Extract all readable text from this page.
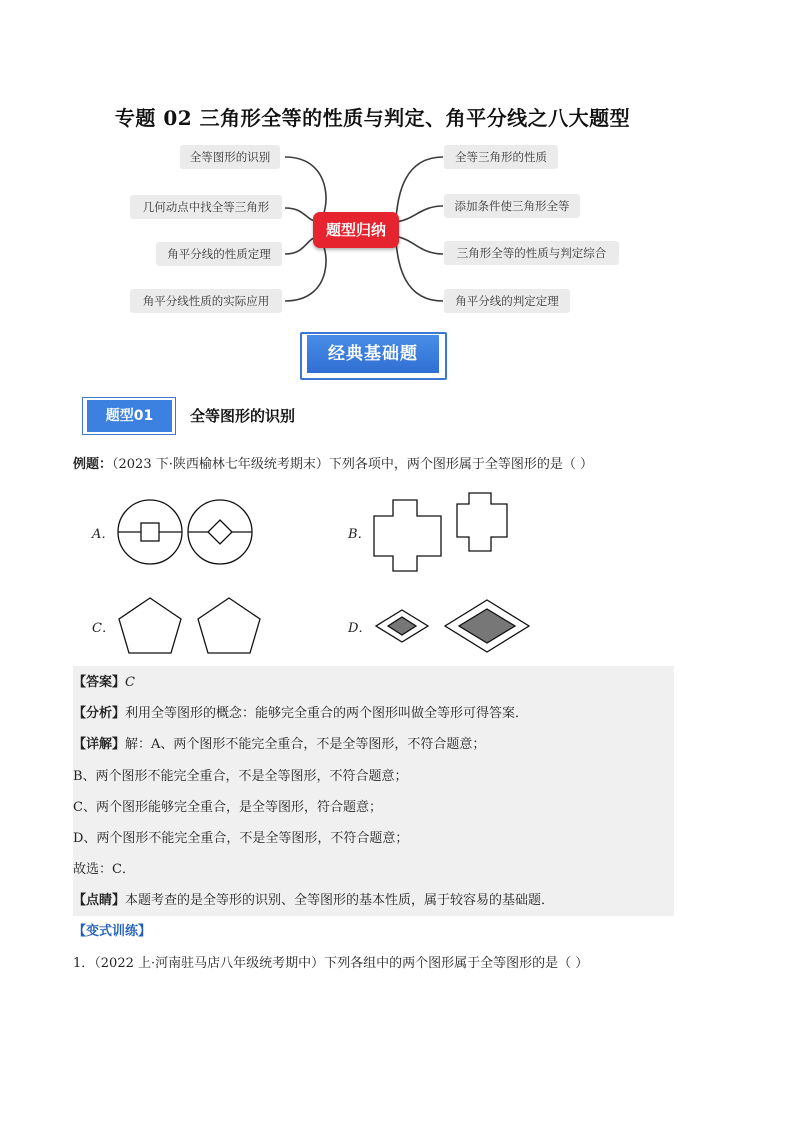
专题 02 三角形全等的性质与判定、角平分线之八大题型
全等图形的识别
几何动点中找全等三角形
角平分线的性质定理
角平分线性质的实际应用
题型归纳
全等三角形的性质
添加条件使三角形全等
三角形全等的性质与判定综合
角平分线的判定定理
经典基础题
题型01	全等图形的识别
例题：（2023 下·陕西榆林七年级统考期末）下列各项中，两个图形属于全等图形的是（ ）
A．	B．
C．	D．
【答案】C
【分析】利用全等图形的概念：能够完全重合的两个图形叫做全等形可得答案．
【详解】解：A、两个图形不能完全重合，不是全等图形，不符合题意；
B、两个图形不能完全重合，不是全等图形，不符合题意；
C、两个图形能够完全重合，是全等图形，符合题意；
D、两个图形不能完全重合，不是全等图形，不符合题意；
故选：C．
【点睛】本题考查的是全等形的识别、全等图形的基本性质，属于较容易的基础题．
【变式训练】
1．（2022 上·河南驻马店八年级统考期中）下列各组中的两个图形属于全等图形的是（ ）
